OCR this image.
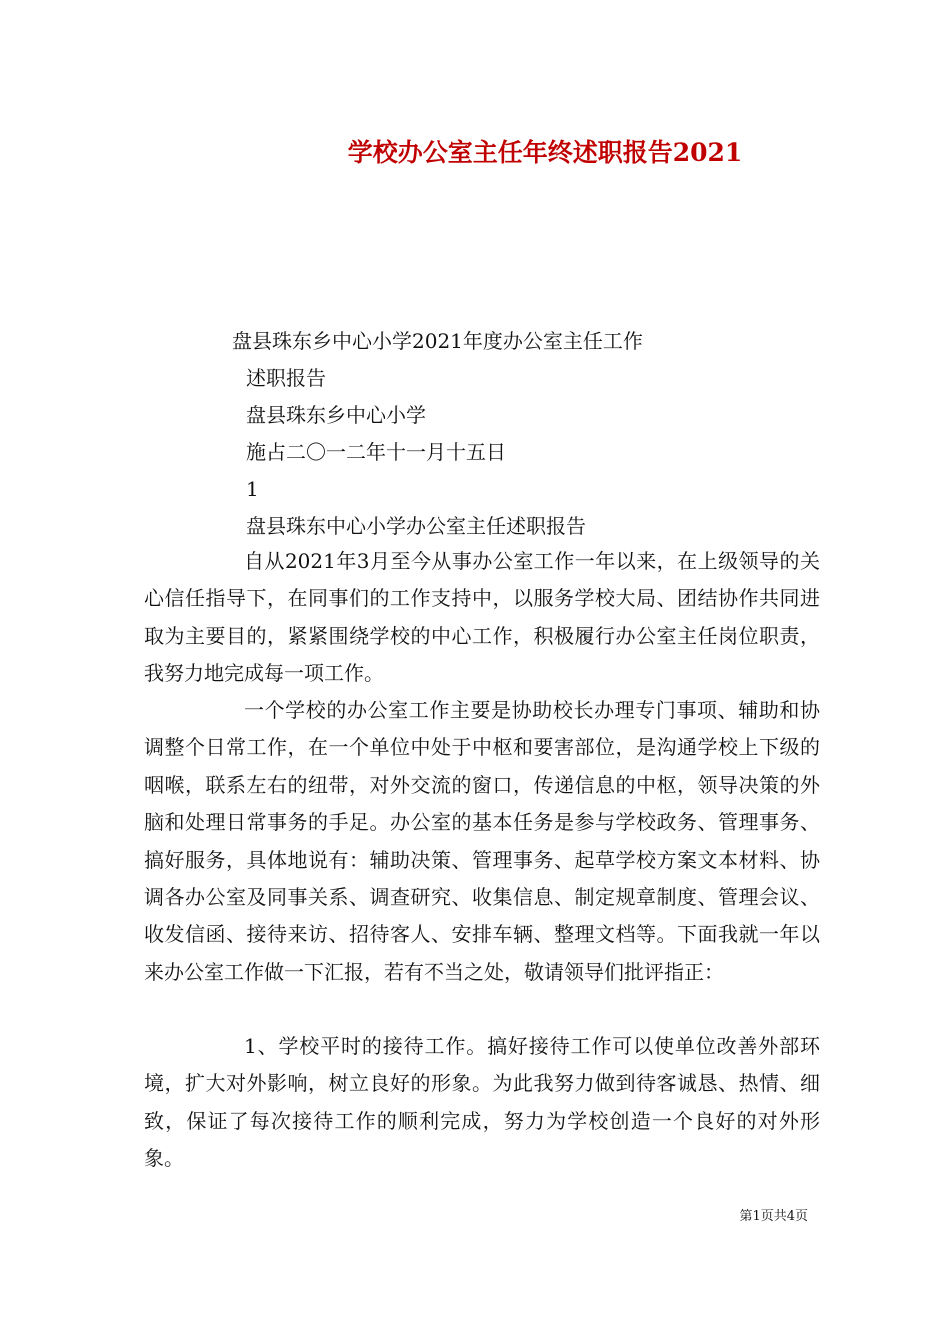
学校办公室主任年终述职报告2021
盘县珠东乡中心小学2021年度办公室主任工作
述职报告
盘县珠东乡中心小学
施占二〇一二年十一月十五日
1
盘县珠东中心小学办公室主任述职报告

自从2021年3月至今从事办公室工作一年以来，在上级领导的关心信任指导下，在同事们的工作支持中，以服务学校大局、团结协作共同进取为主要目的，紧紧围绕学校的中心工作，积极履行办公室主任岗位职责，我努力地完成每一项工作。

一个学校的办公室工作主要是协助校长办理专门事项、辅助和协调整个日常工作，在一个单位中处于中枢和要害部位，是沟通学校上下级的咽喉，联系左右的纽带，对外交流的窗口，传递信息的中枢，领导决策的外脑和处理日常事务的手足。办公室的基本任务是参与学校政务、管理事务、搞好服务，具体地说有：辅助决策、管理事务、起草学校方案文本材料、协调各办公室及同事关系、调查研究、收集信息、制定规章制度、管理会议、收发信函、接待来访、招待客人、安排车辆、整理文档等。下面我就一年以来办公室工作做一下汇报，若有不当之处，敬请领导们批评指正：

1、学校平时的接待工作。搞好接待工作可以使单位改善外部环境，扩大对外影响，树立良好的形象。为此我努力做到待客诚恳、热情、细致，保证了每次接待工作的顺利完成，努力为学校创造一个良好的对外形象。

第1页共4页
